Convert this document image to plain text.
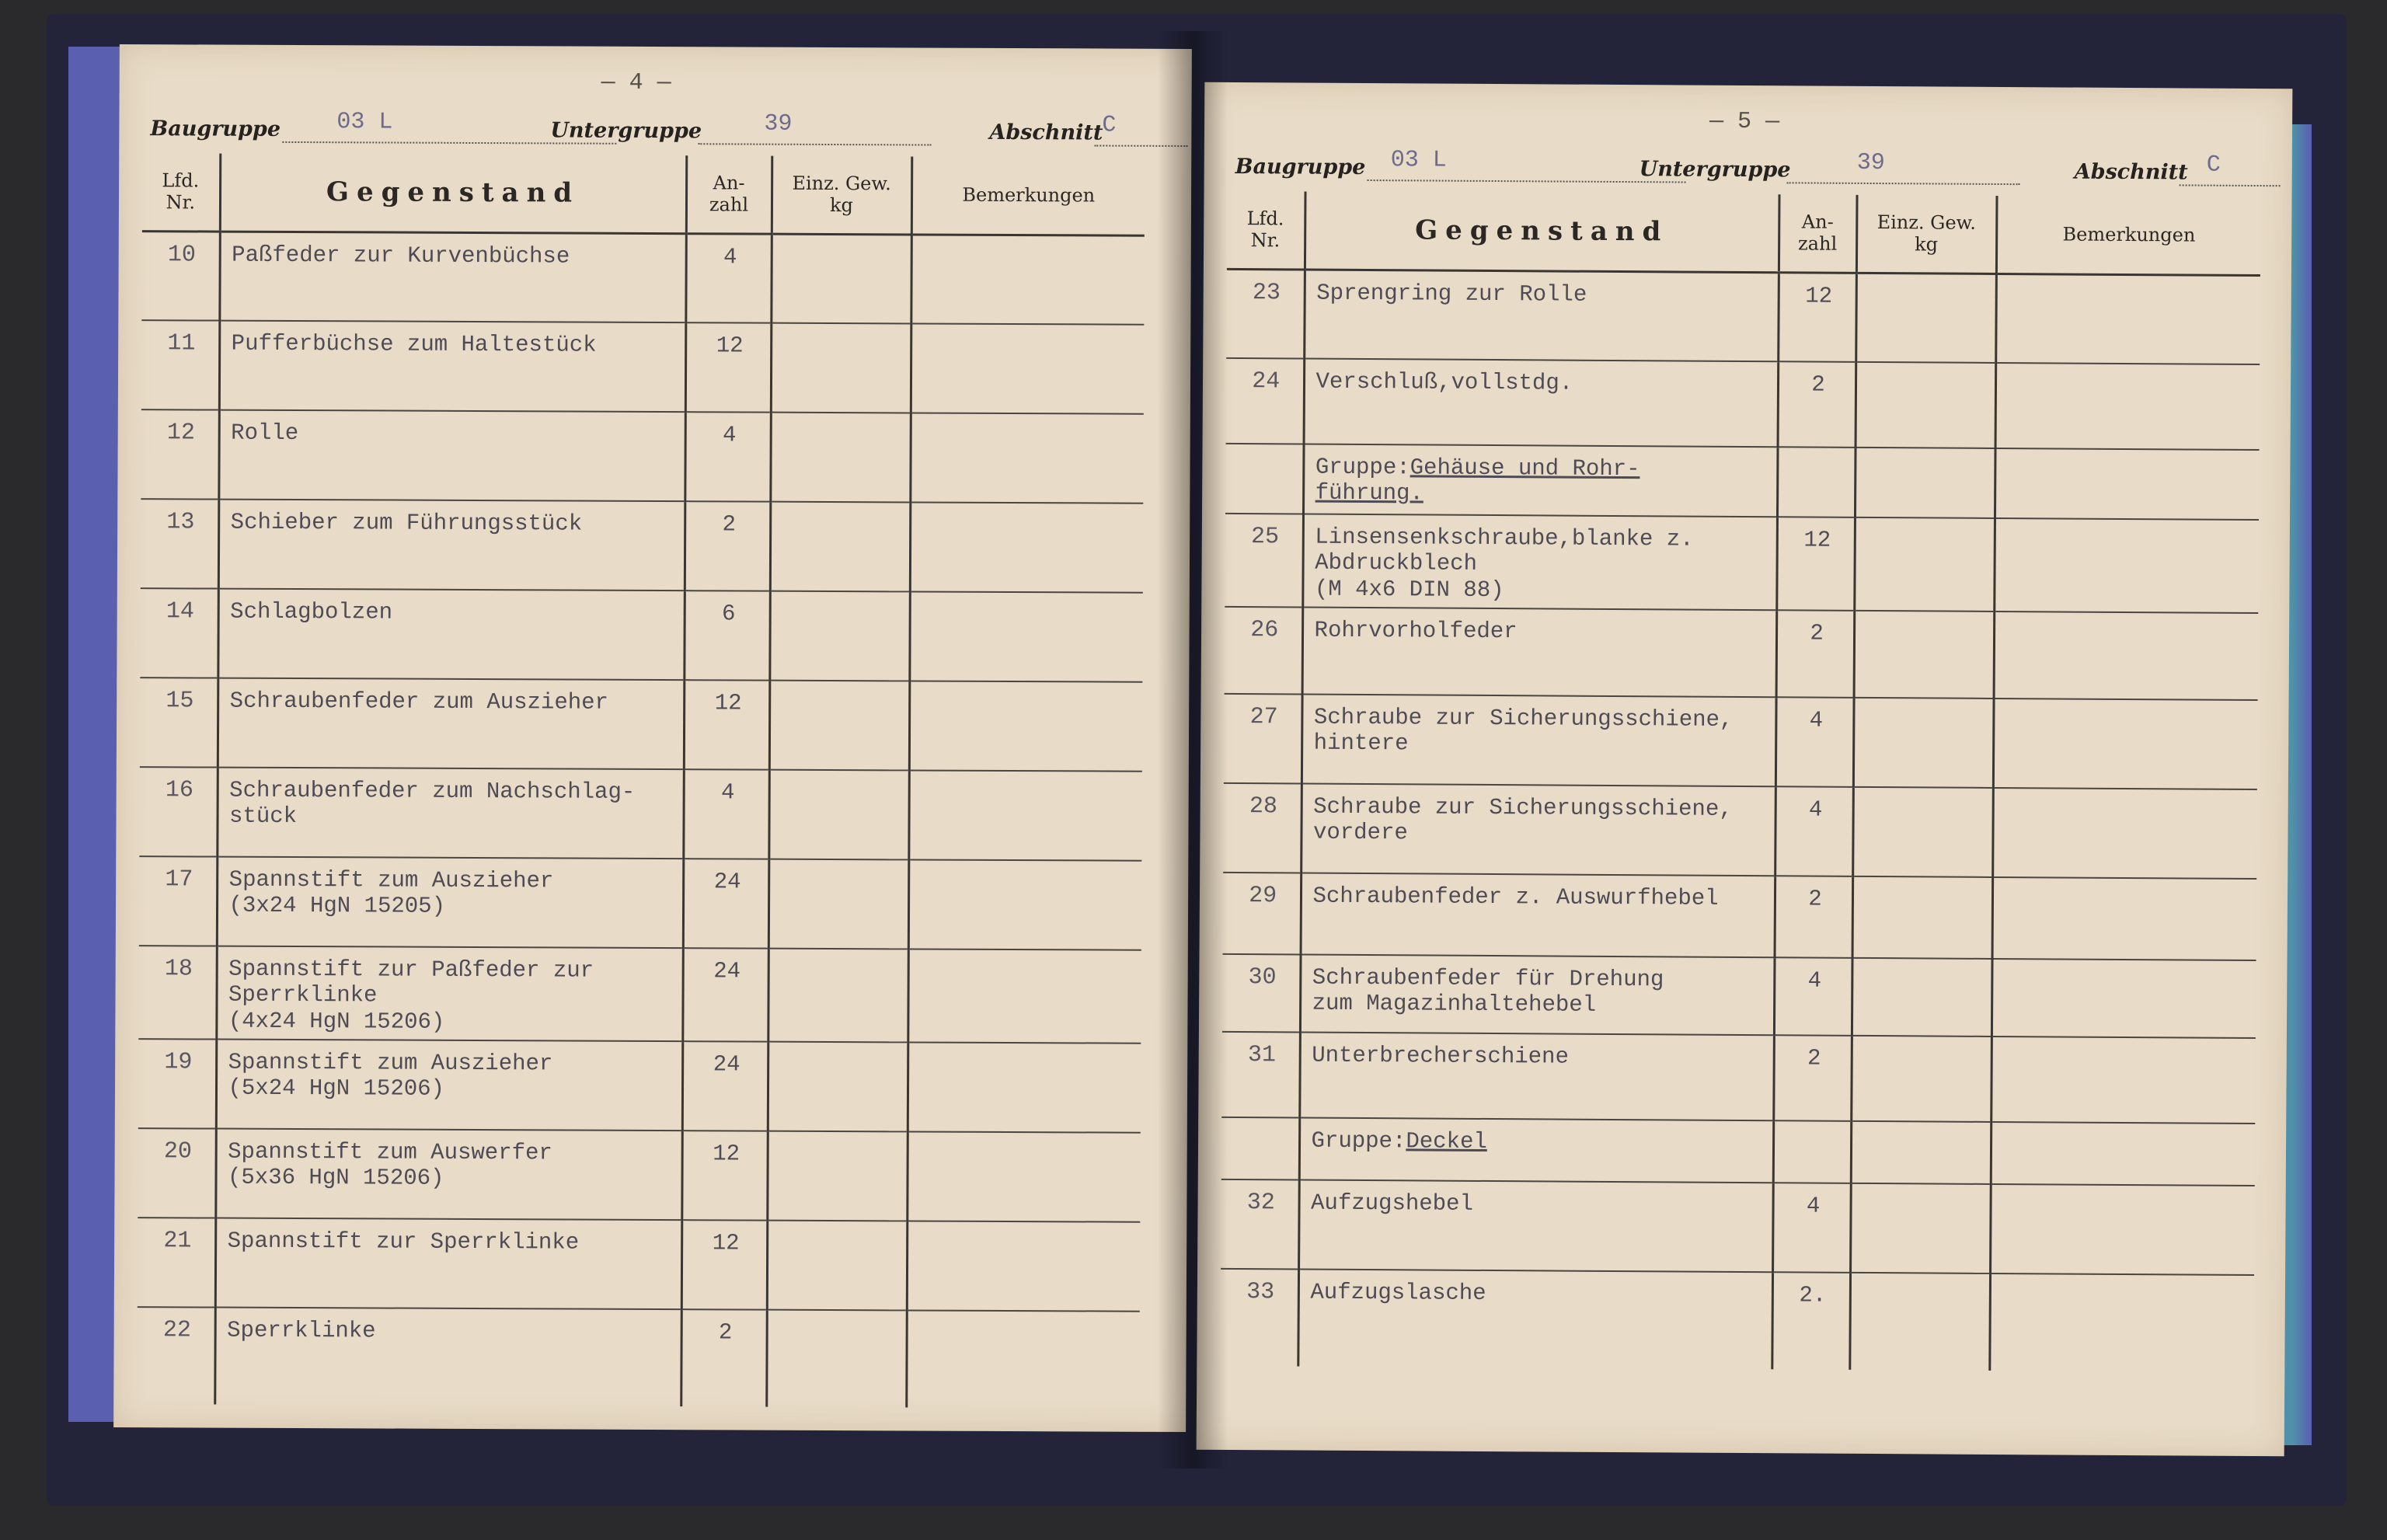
— 4 —
Baugruppe 03 L	Untergruppe	39	Abschnitt
C
Lfd.
Nr.	Gegenstand	An-
zahl	Einz. Gew.
kg	Bemerkungen
10	Paßfeder zur Kurvenbüchse	4		
11	Pufferbüchse zum Haltestück	12		
12	Rolle	4		
13	Schieber zum Führungsstück	2		
14	Schlagbolzen	6		
15	Schraubenfeder zum Auszieher	12		
16	Schraubenfeder zum Nachschlag-
stück	4		
17	Spannstift zum Auszieher
(3x24 HgN 15205)	24		
18	Spannstift zur Paßfeder zur
Sperrklinke
(4x24 HgN 15206)	24		
19	Spannstift zum Auszieher
(5x24 HgN 15206)	24		
20	Spannstift zum Auswerfer
(5x36 HgN 15206)	12		
21	Spannstift zur Sperrklinke	12		
22	Sperrklinke	2		
— 5 —
Baugruppe 03 L	Untergruppe	39	Abschnitt C
Lfd.
Nr.	Gegenstand	An-
zahl	Einz. Gew.
kg	Bemerkungen
23	Sprengring zur Rolle	12		
24	Verschluß,vollstdg.	2		

	Gruppe:Gehäuse und Rohr-
führung.			

25	Linsensenkschraube,blanke z.
Abdruckblech
(M 4x6 DIN 88)	12		
26	Rohrvorholfeder	2		
27	Schraube zur Sicherungsschiene,
hintere	4		
28	Schraube zur Sicherungsschiene,
vordere	4		
29	Schraubenfeder z. Auswurfhebel	2		
30	Schraubenfeder für Drehung
zum Magazinhaltehebel	4		
31	Unterbrecherschiene	2		

	Gruppe:Deckel			

32	Aufzugshebel	4		
33	Aufzugslasche	2.		
